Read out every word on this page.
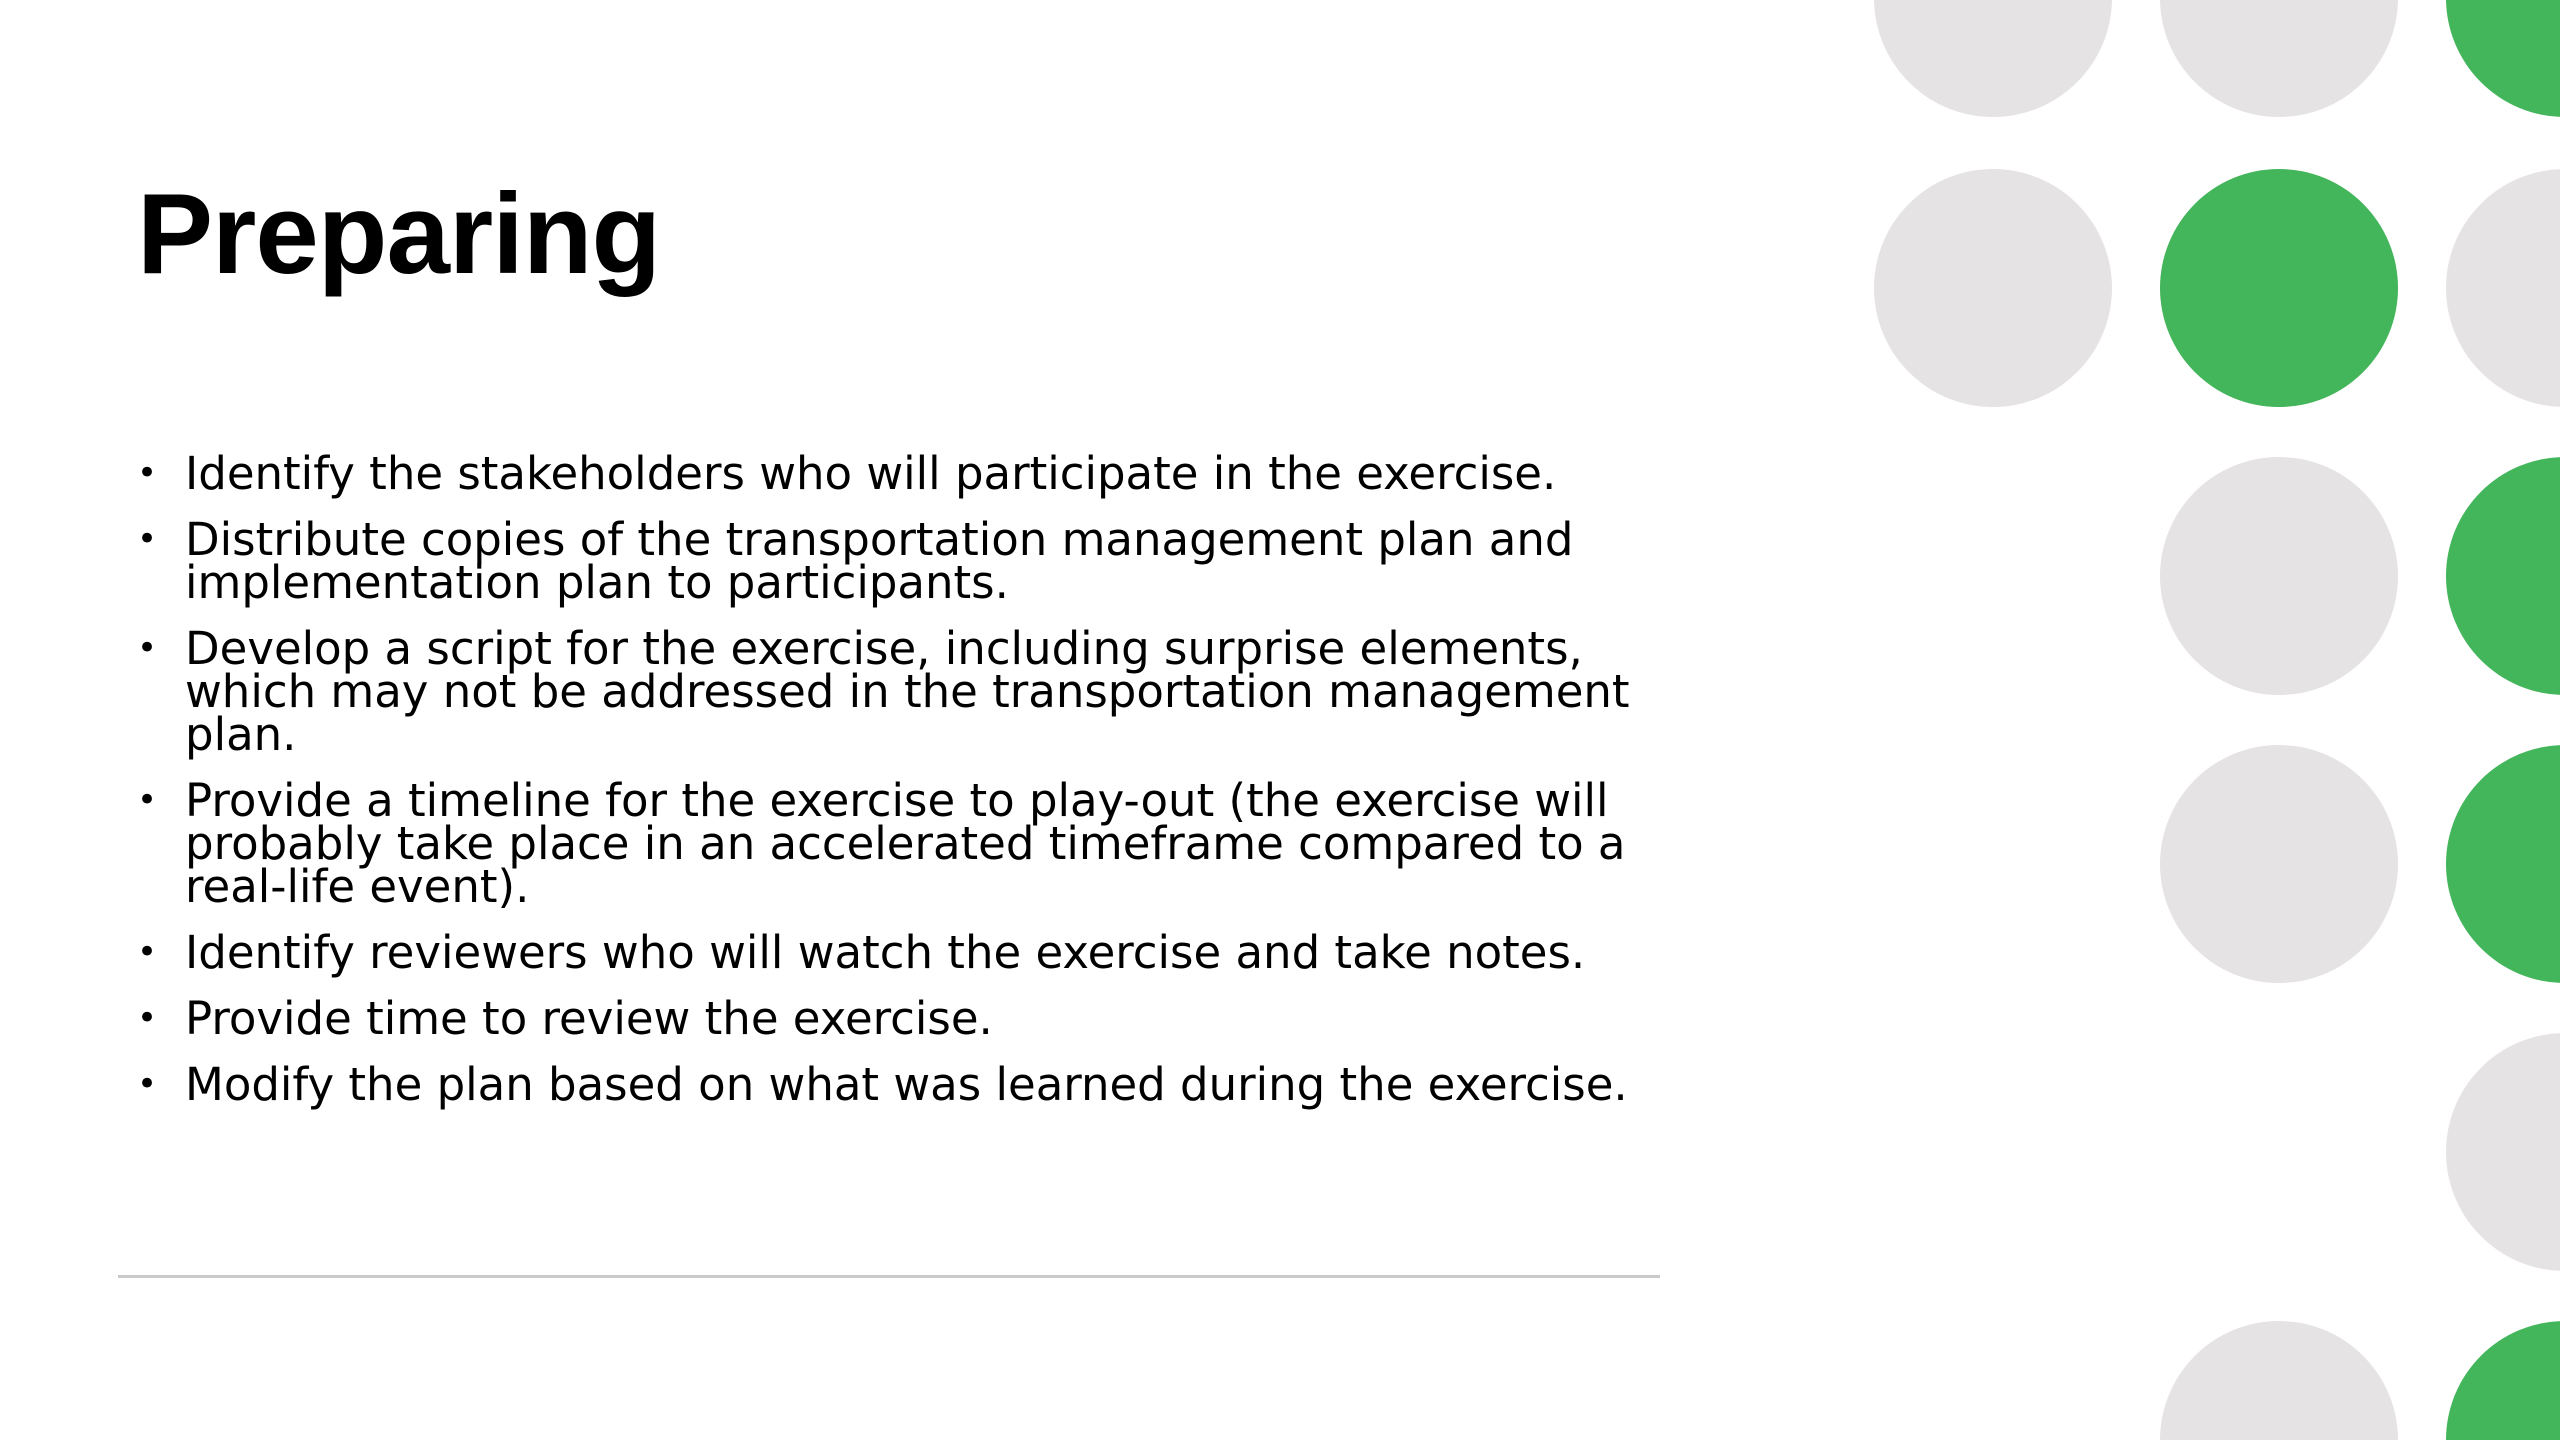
Preparing
• Identify the stakeholders who will participate in the exercise.
• Distribute copies of the transportation management plan and implementation plan to participants.
• Develop a script for the exercise, including surprise elements, which may not be addressed in the transportation management plan.
• Provide a timeline for the exercise to play-out (the exercise will probably take place in an accelerated timeframe compared to a real-life event).
• Identify reviewers who will watch the exercise and take notes.
• Provide time to review the exercise.
• Modify the plan based on what was learned during the exercise.
